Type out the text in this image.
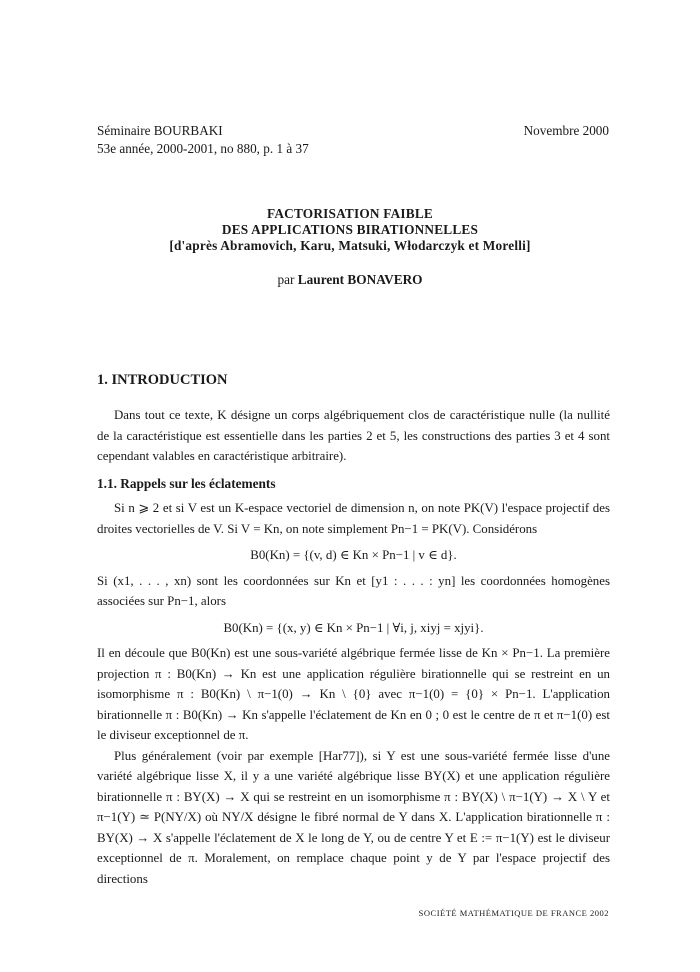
Séminaire BOURBAKI
53e année, 2000-2001, no 880, p. 1 à 37
Novembre 2000
FACTORISATION FAIBLE
DES APPLICATIONS BIRATIONNELLES
[d'après Abramovich, Karu, Matsuki, Włodarczyk et Morelli]
par Laurent BONAVERO
1. INTRODUCTION
Dans tout ce texte, K désigne un corps algébriquement clos de caractéristique nulle (la nullité de la caractéristique est essentielle dans les parties 2 et 5, les constructions des parties 3 et 4 sont cependant valables en caractéristique arbitraire).
1.1. Rappels sur les éclatements
Si n ⩾ 2 et si V est un K-espace vectoriel de dimension n, on note PK(V) l'espace projectif des droites vectorielles de V. Si V = Kn, on note simplement Pn−1 = PK(V). Considérons
B0(Kn) = {(v, d) ∈ Kn × Pn−1 | v ∈ d}.
Si (x1, . . . , xn) sont les coordonnées sur Kn et [y1 : . . . : yn] les coordonnées homogènes associées sur Pn−1, alors
B0(Kn) = {(x, y) ∈ Kn × Pn−1 | ∀i, j, xiyj = xjyi}.
Il en découle que B0(Kn) est une sous-variété algébrique fermée lisse de Kn × Pn−1. La première projection π : B0(Kn) → Kn est une application régulière birationnelle qui se restreint en un isomorphisme π : B0(Kn) \ π−1(0) → Kn \ {0} avec π−1(0) = {0} × Pn−1. L'application birationnelle π : B0(Kn) → Kn s'appelle l'éclatement de Kn en 0 ; 0 est le centre de π et π−1(0) est le diviseur exceptionnel de π.
Plus généralement (voir par exemple [Har77]), si Y est une sous-variété fermée lisse d'une variété algébrique lisse X, il y a une variété algébrique lisse BY(X) et une application régulière birationnelle π : BY(X) → X qui se restreint en un isomorphisme π : BY(X) \ π−1(Y) → X \ Y et π−1(Y) ≃ P(NY/X) où NY/X désigne le fibré normal de Y dans X. L'application birationnelle π : BY(X) → X s'appelle l'éclatement de X le long de Y, ou de centre Y et E := π−1(Y) est le diviseur exceptionnel de π. Moralement, on remplace chaque point y de Y par l'espace projectif des directions
SOCIÉTÉ MATHÉMATIQUE DE FRANCE 2002
